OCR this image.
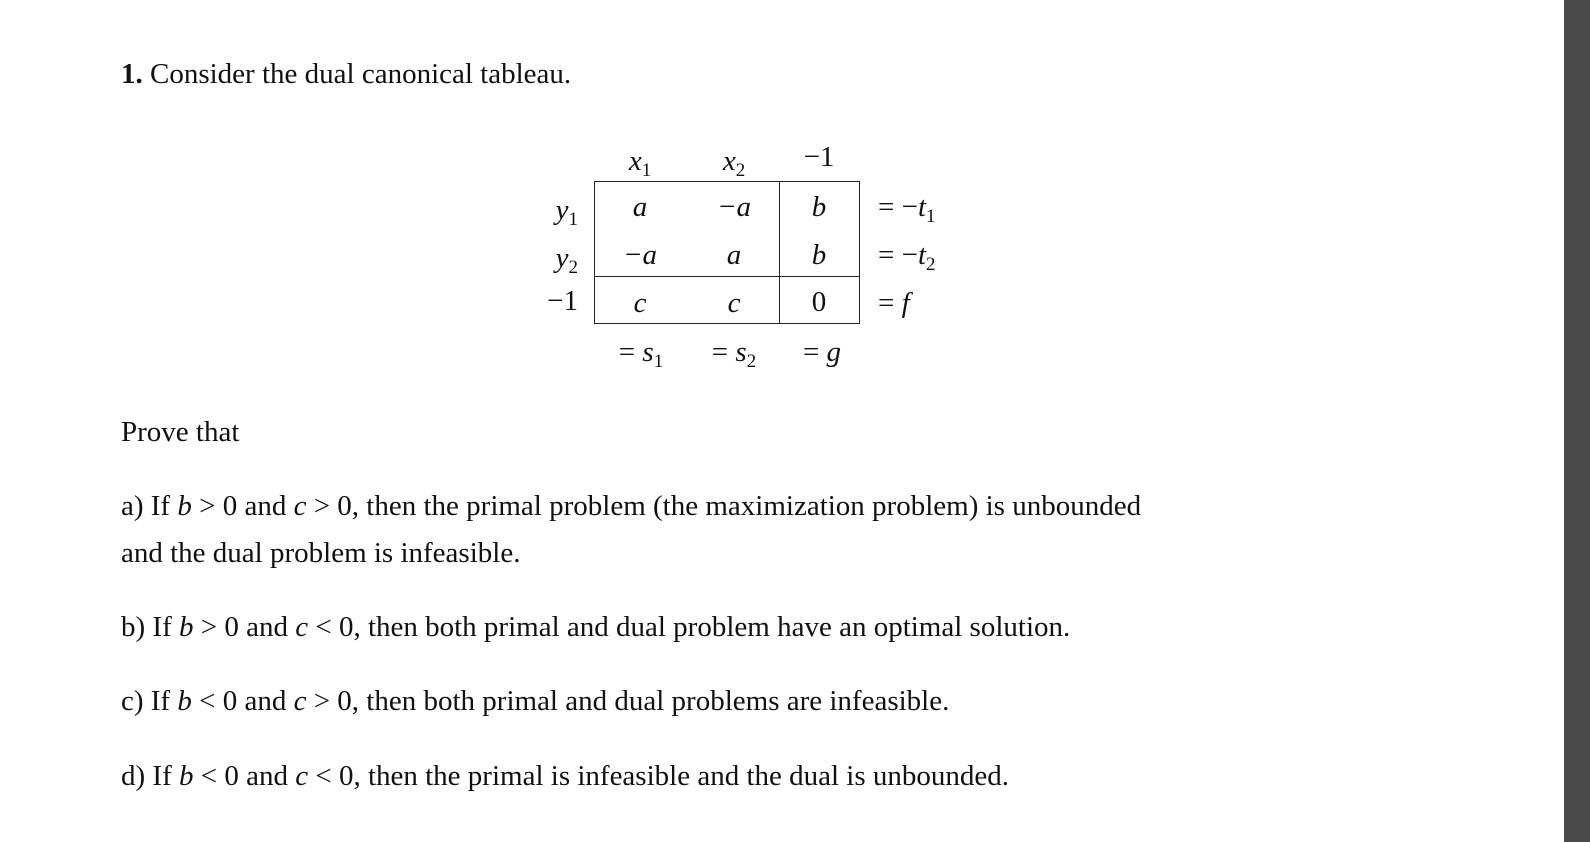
1. Consider the dual canonical tableau.
$x_1$ $x_2 -1$
$y_1$
$y_2$
−1
a −a b
−a a b
c	c 0
= $-t_1$
= $-t_2$
= f
= $s_1 = s_2 = g$
Prove that
a) If b > 0 and c > 0, then the primal problem (the maximization problem) is unbounded
and the dual problem is infeasible.
b) If b > 0 and c < 0, then both primal and dual problem have an optimal solution.
c) If b < 0 and c > 0, then both primal and dual problems are infeasible.
d) If b < 0 and c < 0, then the primal is infeasible and the dual is unbounded.
